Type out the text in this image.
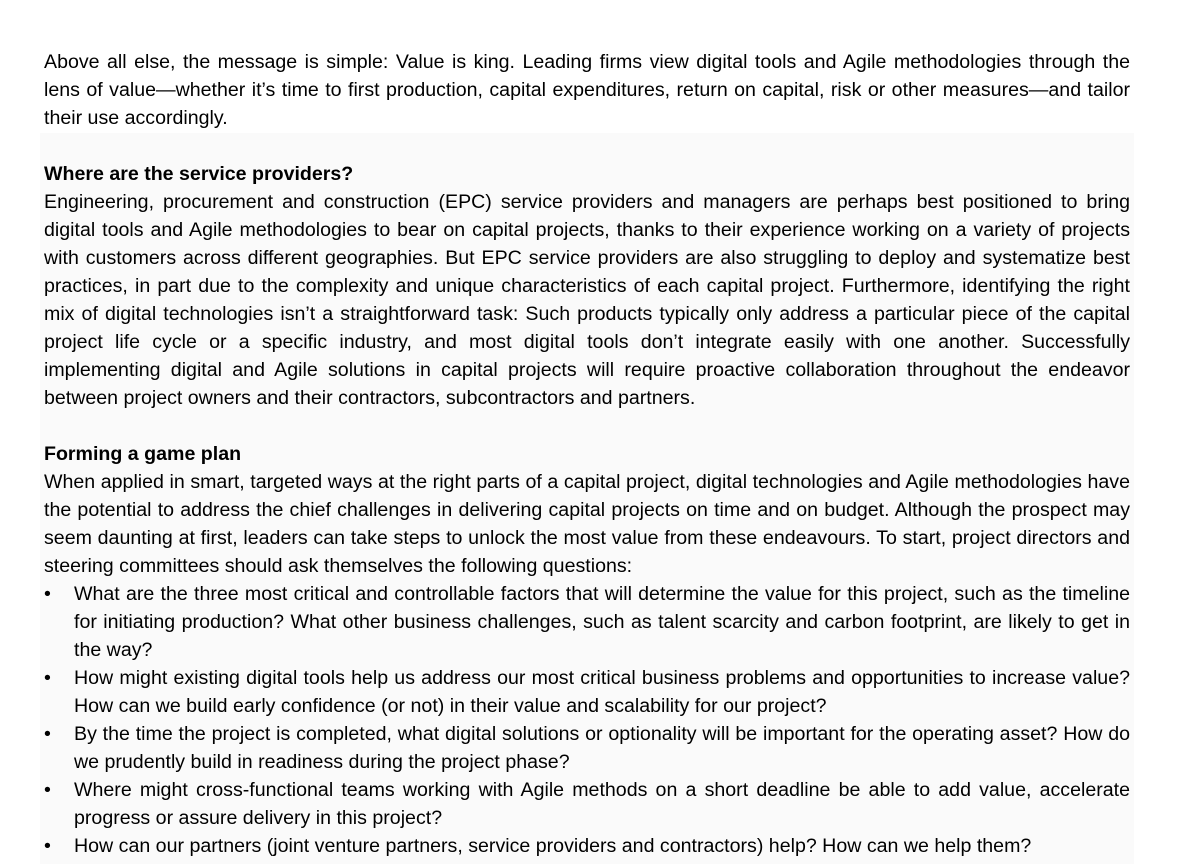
Above all else, the message is simple: Value is king. Leading firms view digital tools and Agile methodologies through the lens of value—whether it’s time to first production, capital expenditures, return on capital, risk or other measures—and tailor their use accordingly.

Where are the service providers?

Engineering, procurement and construction (EPC) service providers and managers are perhaps best positioned to bring digital tools and Agile methodologies to bear on capital projects, thanks to their experience working on a variety of projects with customers across different geographies. But EPC service providers are also struggling to deploy and systematize best practices, in part due to the complexity and unique characteristics of each capital project. Furthermore, identifying the right mix of digital technologies isn’t a straightforward task: Such products typically only address a particular piece of the capital project life cycle or a specific industry, and most digital tools don’t integrate easily with one another. Successfully implementing digital and Agile solutions in capital projects will require proactive collaboration throughout the endeavor between project owners and their contractors, subcontractors and partners.

Forming a game plan

When applied in smart, targeted ways at the right parts of a capital project, digital technologies and Agile methodologies have the potential to address the chief challenges in delivering capital projects on time and on budget. Although the prospect may seem daunting at first, leaders can take steps to unlock the most value from these endeavours. To start, project directors and steering committees should ask themselves the following questions:

• What are the three most critical and controllable factors that will determine the value for this project, such as the timeline for initiating production? What other business challenges, such as talent scarcity and carbon footprint, are likely to get in the way?
• How might existing digital tools help us address our most critical business problems and opportunities to increase value? How can we build early confidence (or not) in their value and scalability for our project?
• By the time the project is completed, what digital solutions or optionality will be important for the operating asset? How do we prudently build in readiness during the project phase?
• Where might cross-functional teams working with Agile methods on a short deadline be able to add value, accelerate progress or assure delivery in this project?
• How can our partners (joint venture partners, service providers and contractors) help? How can we help them?
